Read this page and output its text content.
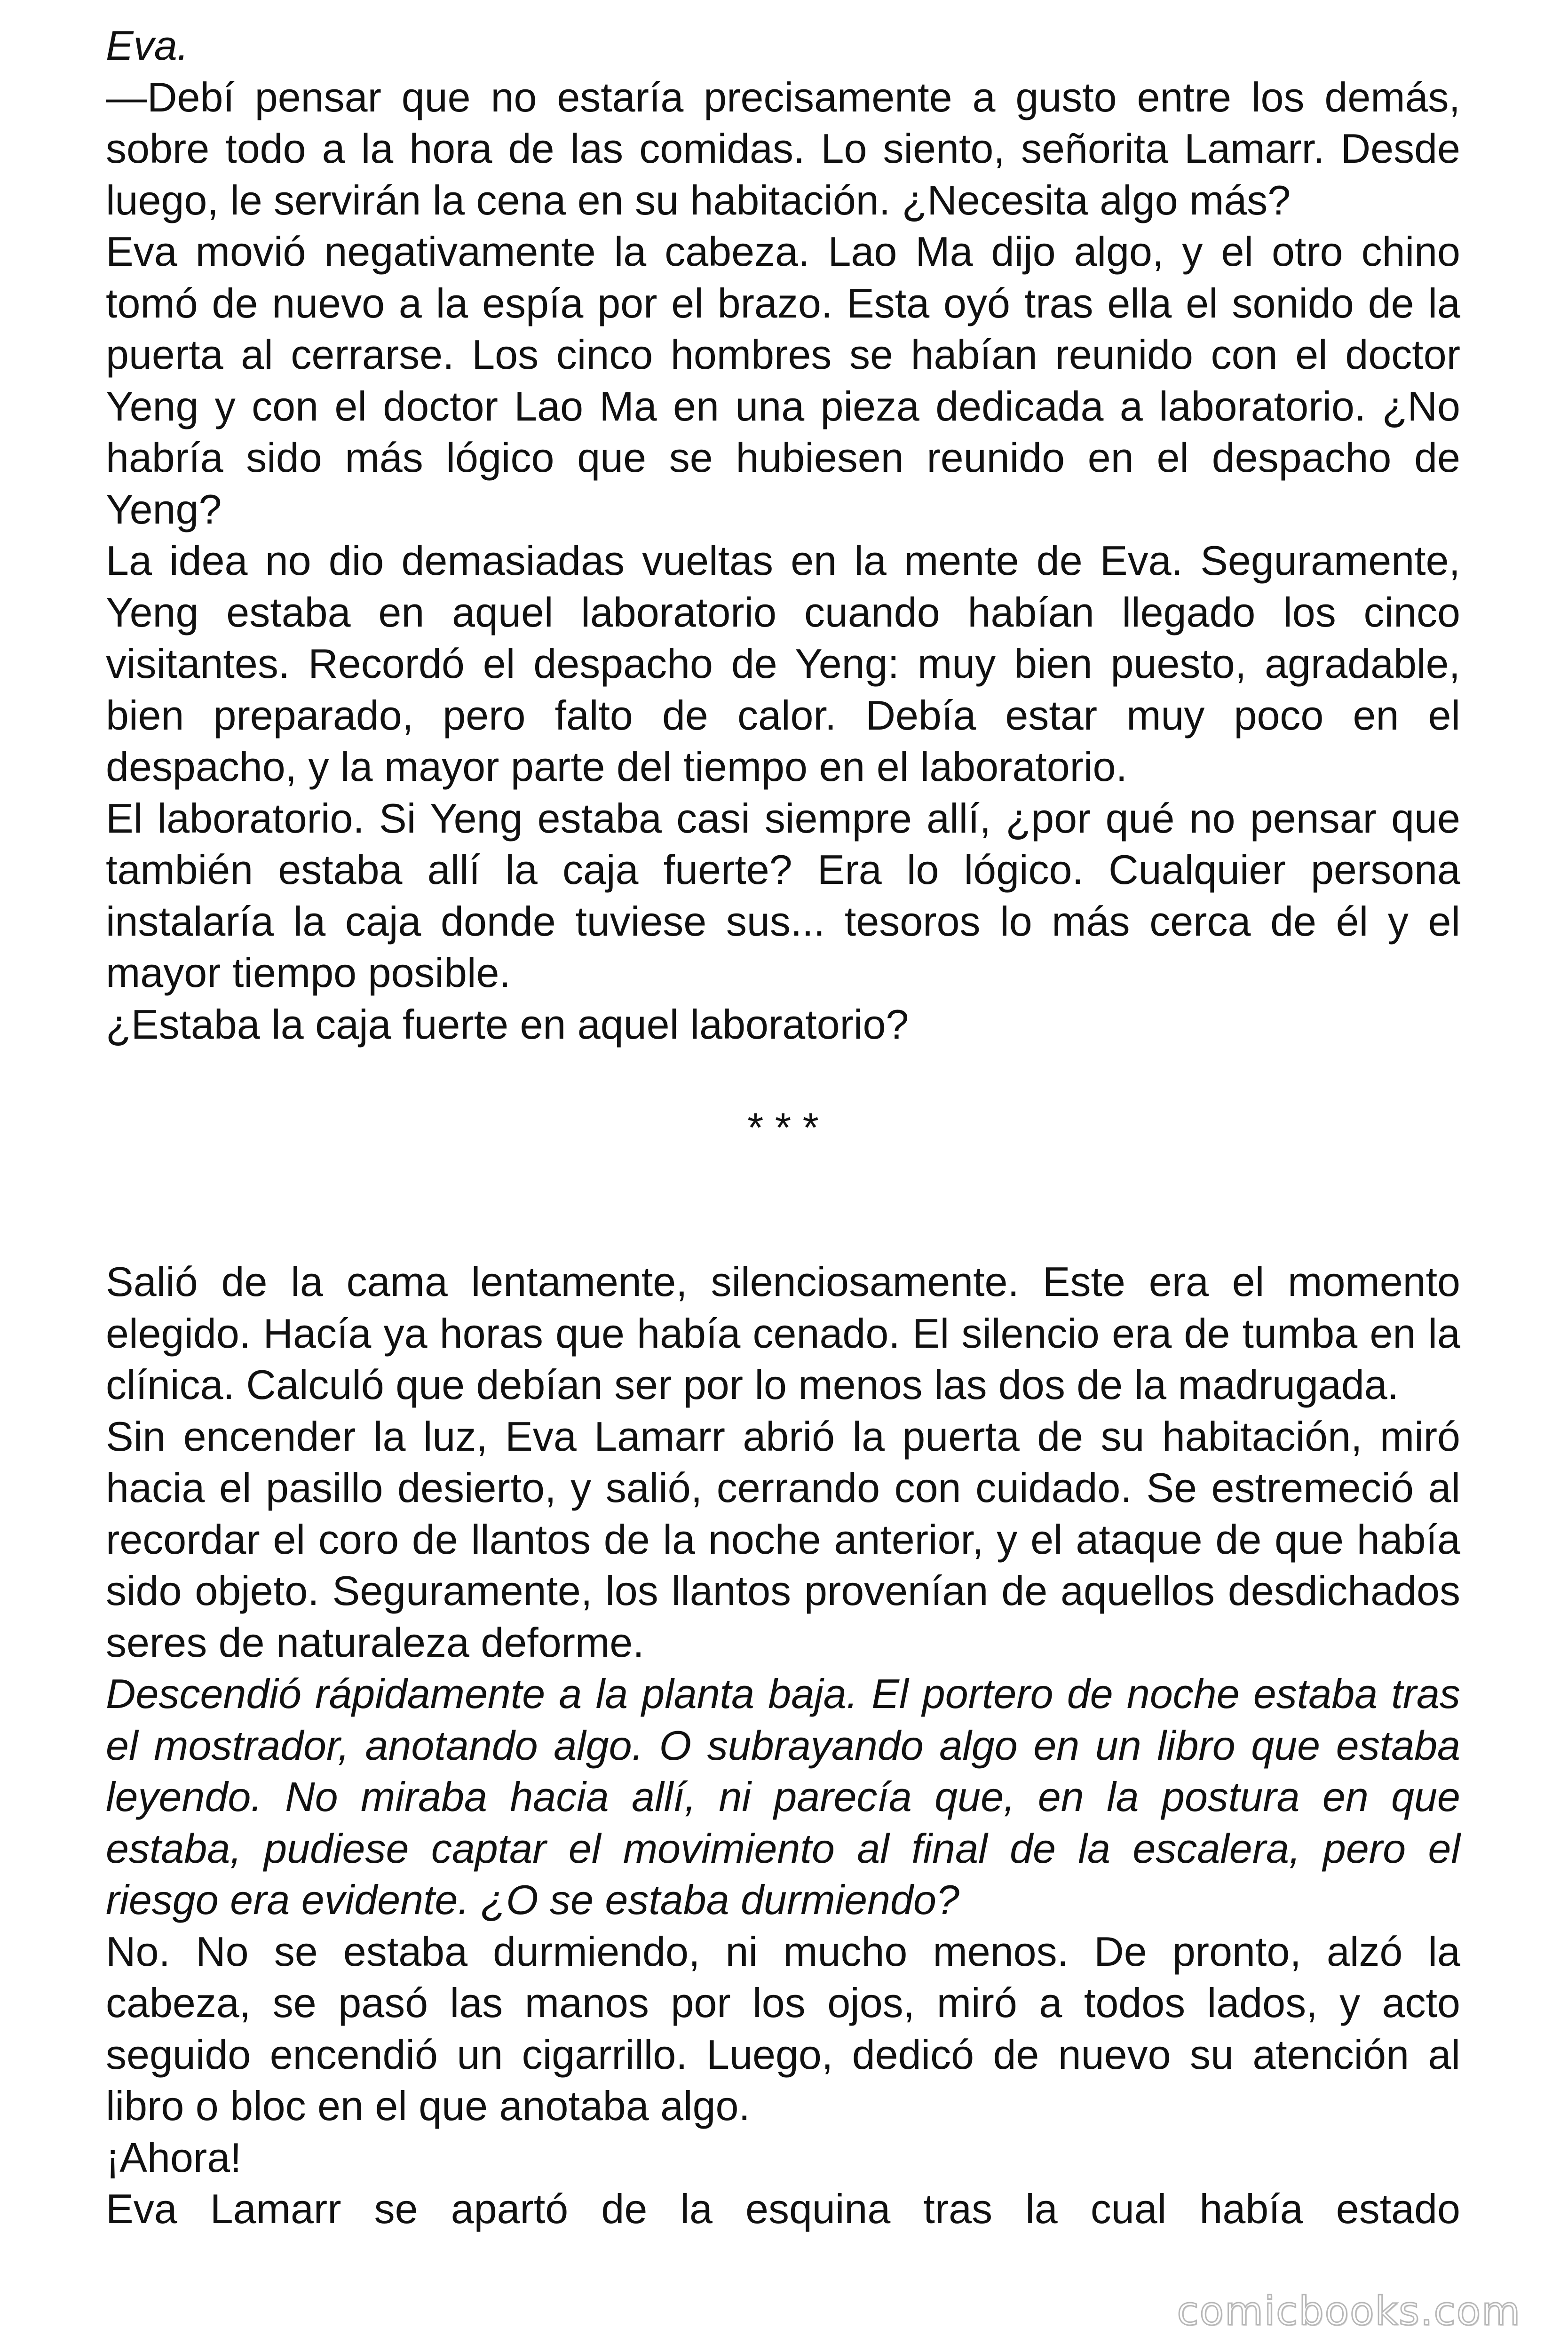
Eva.

—Debí pensar que no estaría precisamente a gusto entre los demás, sobre todo a la hora de las comidas. Lo siento, señorita Lamarr. Desde luego, le servirán la cena en su habitación. ¿Necesita algo más?

Eva movió negativamente la cabeza. Lao Ma dijo algo, y el otro chino tomó de nuevo a la espía por el brazo. Esta oyó tras ella el sonido de la puerta al cerrarse. Los cinco hombres se habían reunido con el doctor Yeng y con el doctor Lao Ma en una pieza dedicada a laboratorio. ¿No habría sido más lógico que se hubiesen reunido en el despacho de Yeng?

La idea no dio demasiadas vueltas en la mente de Eva. Seguramente, Yeng estaba en aquel laboratorio cuando habían llegado los cinco visitantes. Recordó el despacho de Yeng: muy bien puesto, agradable, bien preparado, pero falto de calor. Debía estar muy poco en el despacho, y la mayor parte del tiempo en el laboratorio.

El laboratorio. Si Yeng estaba casi siempre allí, ¿por qué no pensar que también estaba allí la caja fuerte? Era lo lógico. Cualquier persona instalaría la caja donde tuviese sus... tesoros lo más cerca de él y el mayor tiempo posible.

¿Estaba la caja fuerte en aquel laboratorio?

* * *

Salió de la cama lentamente, silenciosamente. Este era el momento elegido. Hacía ya horas que había cenado. El silencio era de tumba en la clínica. Calculó que debían ser por lo menos las dos de la madrugada.

Sin encender la luz, Eva Lamarr abrió la puerta de su habitación, miró hacia el pasillo desierto, y salió, cerrando con cuidado. Se estremeció al recordar el coro de llantos de la noche anterior, y el ataque de que había sido objeto. Seguramente, los llantos provenían de aquellos desdichados seres de naturaleza deforme.

Descendió rápidamente a la planta baja. El portero de noche estaba tras el mostrador, anotando algo. O subrayando algo en un libro que estaba leyendo. No miraba hacia allí, ni parecía que, en la postura en que estaba, pudiese captar el movimiento al final de la escalera, pero el riesgo era evidente. ¿O se estaba durmiendo?

No. No se estaba durmiendo, ni mucho menos. De pronto, alzó la cabeza, se pasó las manos por los ojos, miró a todos lados, y acto seguido encendió un cigarrillo. Luego, dedicó de nuevo su atención al libro o bloc en el que anotaba algo.

¡Ahora!

Eva Lamarr se apartó de la esquina tras la cual había estado

comicbooks.com
